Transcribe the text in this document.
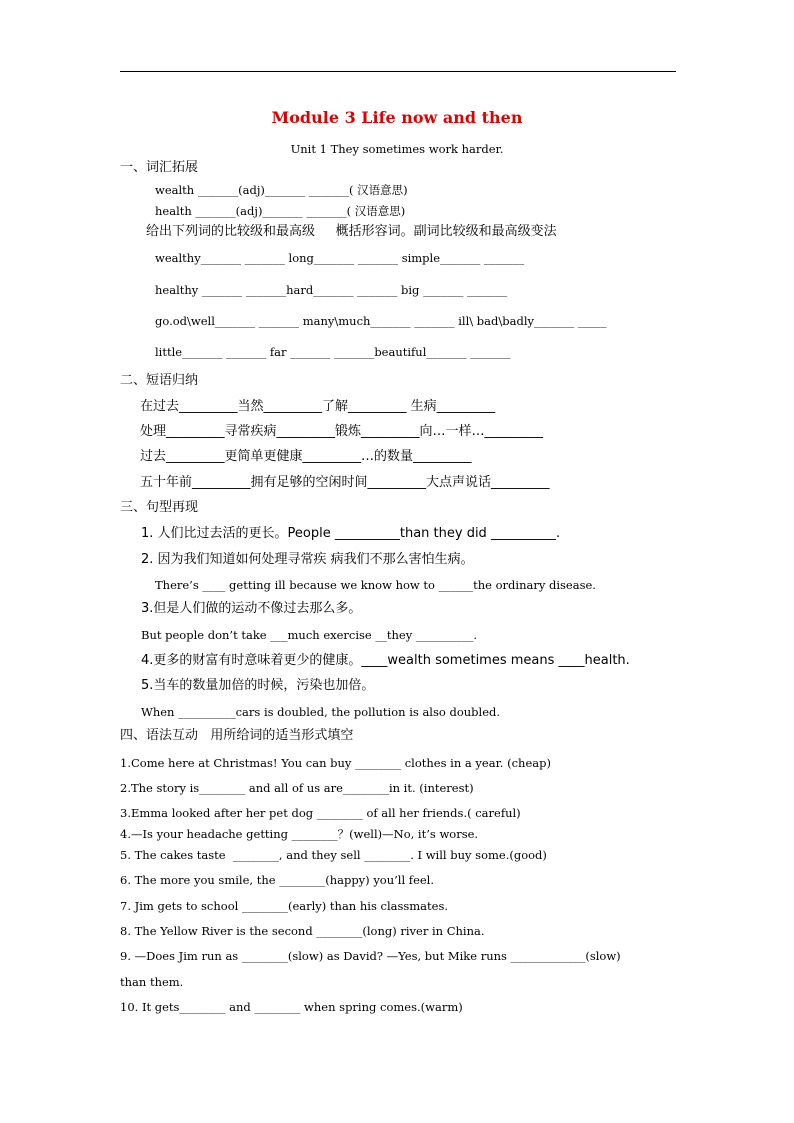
Module 3 Life now and then
Unit 1 They sometimes work harder.
一、词汇拓展
wealth _______(adj)_______ _______( 汉语意思)
health _______(adj)_______ _______( 汉语意思)
给出下列词的比较级和最高级     概括形容词。副词比较级和最高级变法
wealthy_______ _______ long_______ _______ simple_______ _______
healthy _______ _______hard_______ _______ big _______ _______
go.od\well_______ _______ many\much_______ _______ ill\ bad\badly_______ _____
little_______ _______ far _______ _______beautiful_______ _______
二、短语归纳
在过去_________当然_________了解_________ 生病_________
处理_________寻常疾病_________锻炼_________向…一样…_________
过去_________更简单更健康_________…的数量_________
五十年前_________拥有足够的空闲时间_________大点声说话_________
三、句型再现
1. 人们比过去活的更长。People __________than they did __________.
2. 因为我们知道如何处理寻常疾 病我们不那么害怕生病。
There’s ____ getting ill because we know how to ______the ordinary disease.
3.但是人们做的运动不像过去那么多。
But people don’t take ___much exercise __they __________.
4.更多的财富有时意味着更少的健康。____wealth sometimes means ____health.
5.当车的数量加倍的时候，污染也加倍。
When __________cars is doubled, the pollution is also doubled.
四、语法互动   用所给词的适当形式填空
1.Come here at Christmas! You can buy ________ clothes in a year. (cheap)
2.The story is________ and all of us are________in it. (interest)
3.Emma looked after her pet dog ________ of all her friends.( careful)
4.—Is your headache getting ________？(well)—No, it’s worse.
5. The cakes taste  ________, and they sell ________. I will buy some.(good)
6. The more you smile, the ________(happy) you’ll feel.
7. Jim gets to school ________(early) than his classmates.
8. The Yellow River is the second ________(long) river in China.
9. —Does Jim run as ________(slow) as David? —Yes, but Mike runs _____________(slow)
than them.
10. It gets________ and ________ when spring comes.(warm)
